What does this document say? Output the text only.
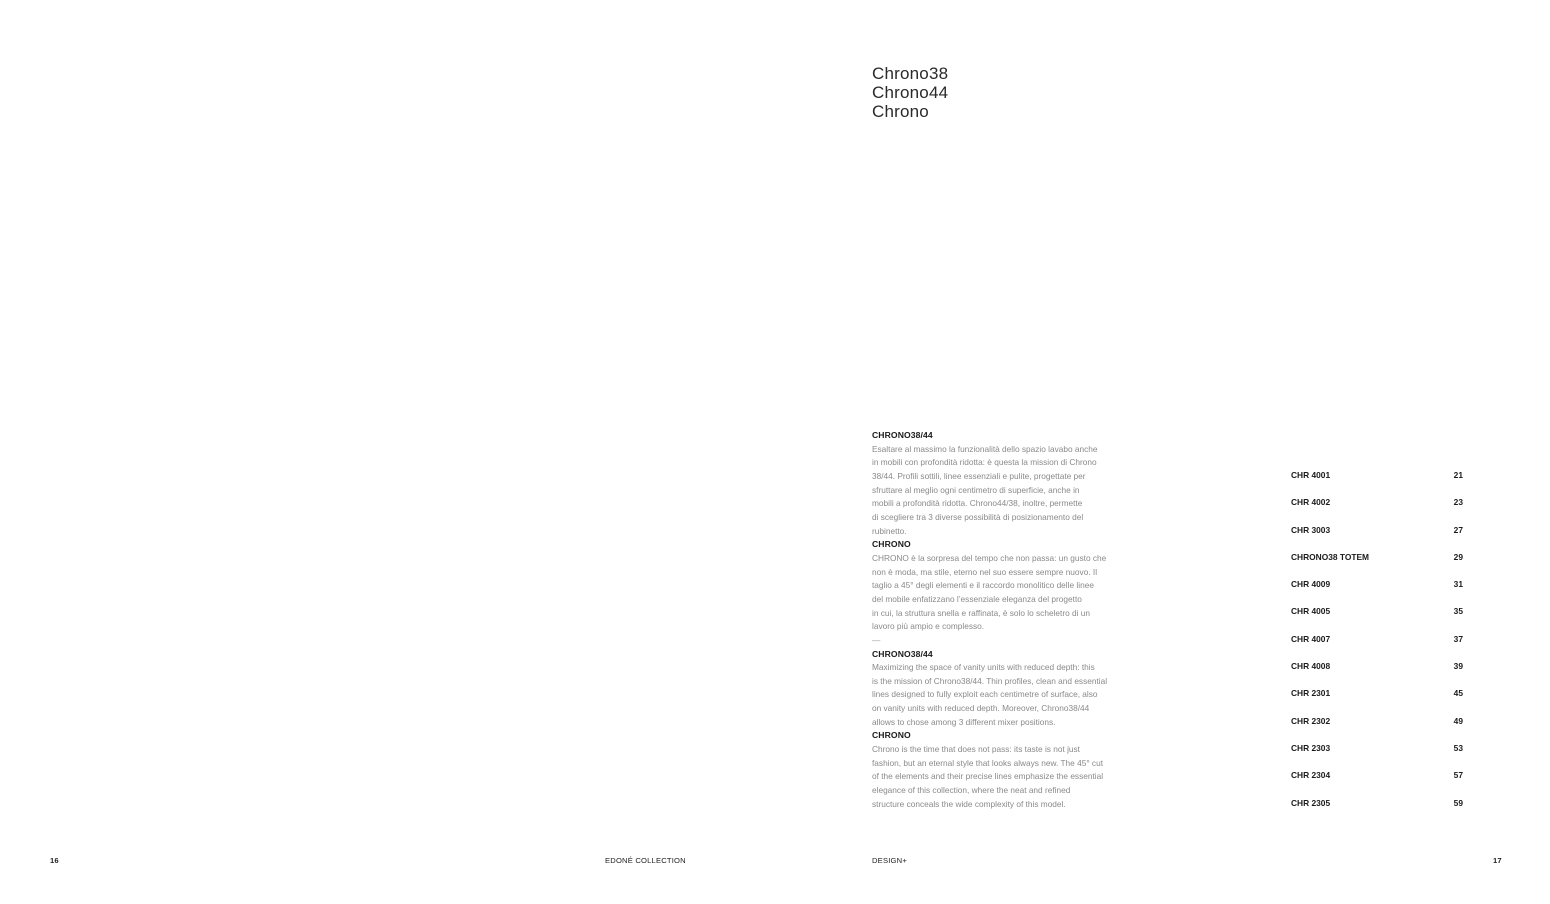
Chrono38
Chrono44
Chrono
CHRONO38/44

Esaltare al massimo la funzionalità dello spazio lavabo anche
in mobili con profondità ridotta: è questa la mission di Chrono
38/44. Profili sottili, linee essenziali e pulite, progettate per
sfruttare al meglio ogni centimetro di superficie, anche in
mobili a profondità ridotta. Chrono44/38, inoltre, permette
di scegliere tra 3 diverse possibilità di posizionamento del
rubinetto.

CHRONO

CHRONO è la sorpresa del tempo che non passa: un gusto che
non è moda, ma stile, eterno nel suo essere sempre nuovo. Il
taglio a 45° degli elementi e il raccordo monolitico delle linee
del mobile enfatizzano l’essenziale eleganza del progetto
in cui, la struttura snella e raffinata, è solo lo scheletro di un
lavoro più ampio e complesso.

—
CHRONO38/44

Maximizing the space of vanity units with reduced depth: this
is the mission of Chrono38/44. Thin profiles, clean and essential
lines designed to fully exploit each centimetre of surface, also
on vanity units with reduced depth. Moreover, Chrono38/44
allows to chose among 3 different mixer positions.

CHRONO

Chrono is the time that does not pass: its taste is not just
fashion, but an eternal style that looks always new. The 45° cut
of the elements and their precise lines emphasize the essential
elegance of this collection, where the neat and refined
structure conceals the wide complexity of this model.

CHR 4001	21
CHR 4002	23
CHR 3003	27
CHRONO38 TOTEM	29
CHR 4009	31
CHR 4005	35
CHR 4007	37
CHR 4008	39
CHR 2301	45
CHR 2302	49
CHR 2303	53
CHR 2304	57
CHR 2305	59
16	EDONÉ COLLECTION	DESIGN+	17
